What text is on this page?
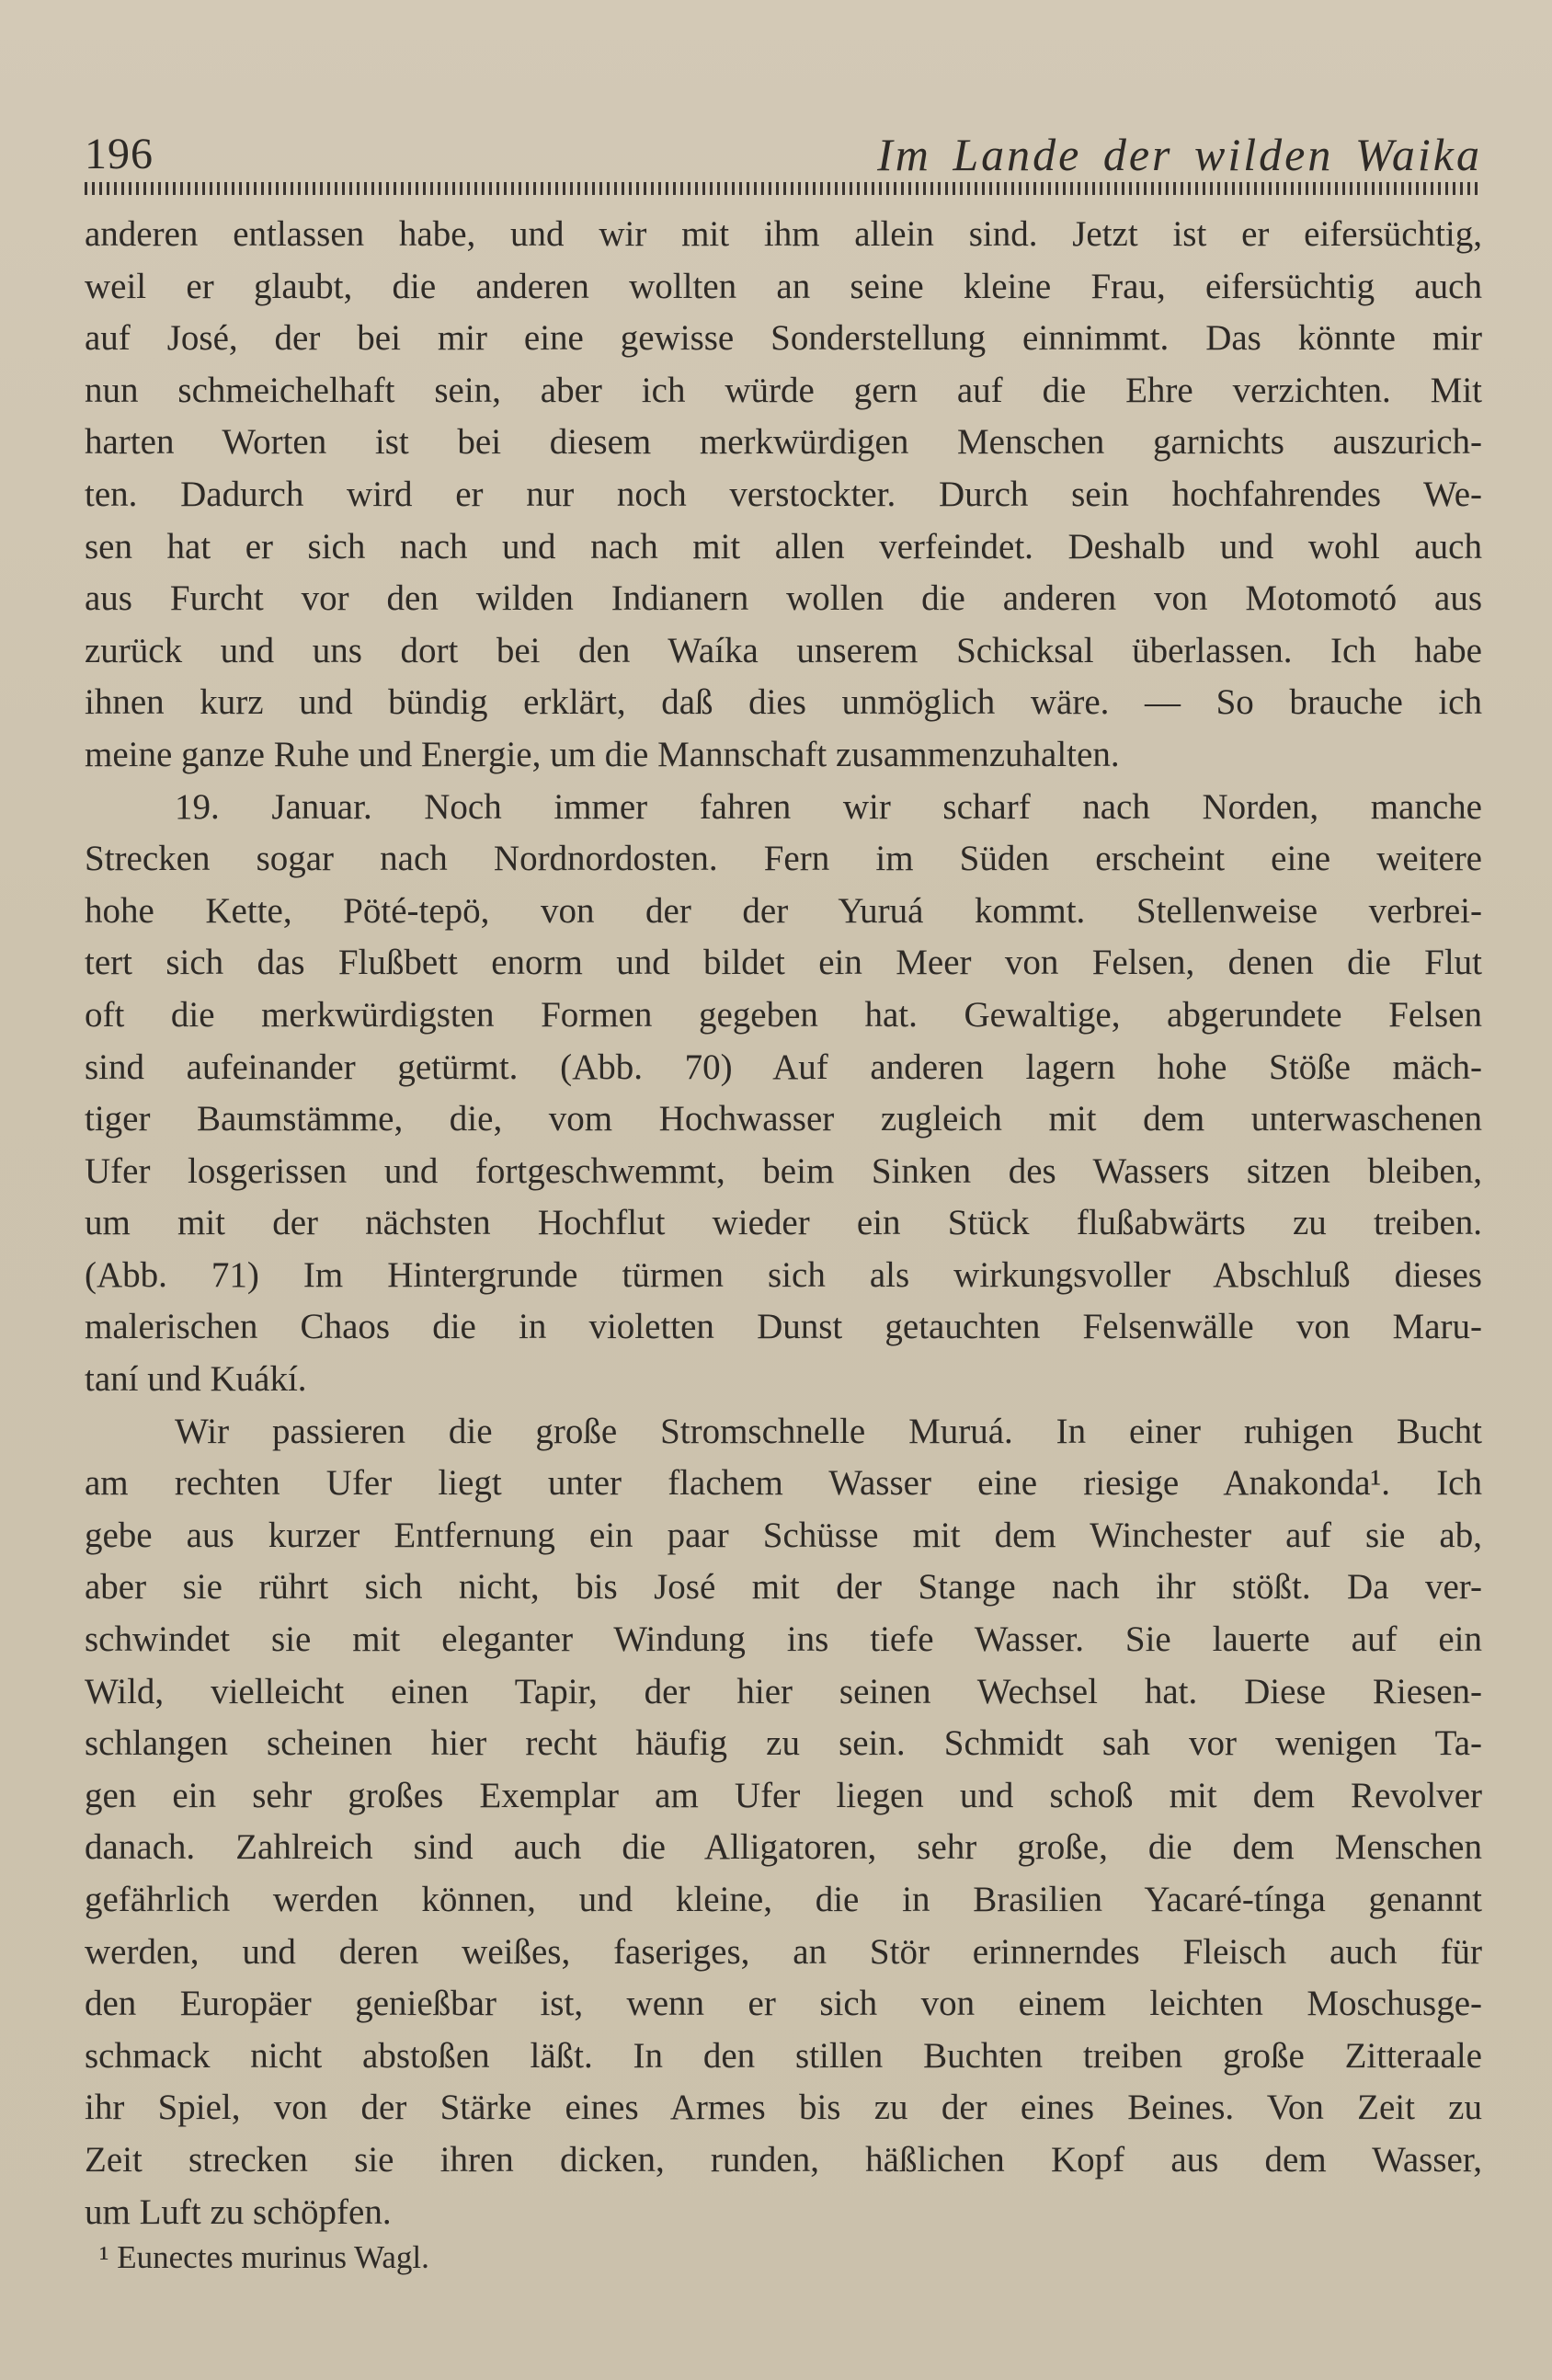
196	Im Lande der wilden Waika
anderen entlassen habe, und wir mit ihm allein sind. Jetzt ist er eifersüchtig,
weil er glaubt, die anderen wollten an seine kleine Frau, eifersüchtig auch
auf José, der bei mir eine gewisse Sonderstellung einnimmt. Das könnte mir
nun schmeichelhaft sein, aber ich würde gern auf die Ehre verzichten. Mit
harten Worten ist bei diesem merkwürdigen Menschen garnichts auszurich-
ten. Dadurch wird er nur noch verstockter. Durch sein hochfahrendes We-
sen hat er sich nach und nach mit allen verfeindet. Deshalb und wohl auch
aus Furcht vor den wilden Indianern wollen die anderen von Motomotó aus
zurück und uns dort bei den Waíka unserem Schicksal überlassen. Ich habe
ihnen kurz und bündig erklärt, daß dies unmöglich wäre. — So brauche ich
meine ganze Ruhe und Energie, um die Mannschaft zusammenzuhalten.
19. Januar. Noch immer fahren wir scharf nach Norden, manche
Strecken sogar nach Nordnordosten. Fern im Süden erscheint eine weitere
hohe Kette, Pöté-tepö, von der der Yuruá kommt. Stellenweise verbrei-
tert sich das Flußbett enorm und bildet ein Meer von Felsen, denen die Flut
oft die merkwürdigsten Formen gegeben hat. Gewaltige, abgerundete Felsen
sind aufeinander getürmt. (Abb. 70) Auf anderen lagern hohe Stöße mäch-
tiger Baumstämme, die, vom Hochwasser zugleich mit dem unterwaschenen
Ufer losgerissen und fortgeschwemmt, beim Sinken des Wassers sitzen bleiben,
um mit der nächsten Hochflut wieder ein Stück flußabwärts zu treiben.
(Abb. 71) Im Hintergrunde türmen sich als wirkungsvoller Abschluß dieses
malerischen Chaos die in violetten Dunst getauchten Felsenwälle von Maru-
taní und Kuákí.
Wir passieren die große Stromschnelle Muruá. In einer ruhigen Bucht
am rechten Ufer liegt unter flachem Wasser eine riesige Anakonda¹. Ich
gebe aus kurzer Entfernung ein paar Schüsse mit dem Winchester auf sie ab,
aber sie rührt sich nicht, bis José mit der Stange nach ihr stößt. Da ver-
schwindet sie mit eleganter Windung ins tiefe Wasser. Sie lauerte auf ein
Wild, vielleicht einen Tapir, der hier seinen Wechsel hat. Diese Riesen-
schlangen scheinen hier recht häufig zu sein. Schmidt sah vor wenigen Ta-
gen ein sehr großes Exemplar am Ufer liegen und schoß mit dem Revolver
danach. Zahlreich sind auch die Alligatoren, sehr große, die dem Menschen
gefährlich werden können, und kleine, die in Brasilien Yacaré-tínga genannt
werden, und deren weißes, faseriges, an Stör erinnerndes Fleisch auch für
den Europäer genießbar ist, wenn er sich von einem leichten Moschusge-
schmack nicht abstoßen läßt. In den stillen Buchten treiben große Zitteraale
ihr Spiel, von der Stärke eines Armes bis zu der eines Beines. Von Zeit zu
Zeit strecken sie ihren dicken, runden, häßlichen Kopf aus dem Wasser,
um Luft zu schöpfen.
¹ Eunectes murinus Wagl.
